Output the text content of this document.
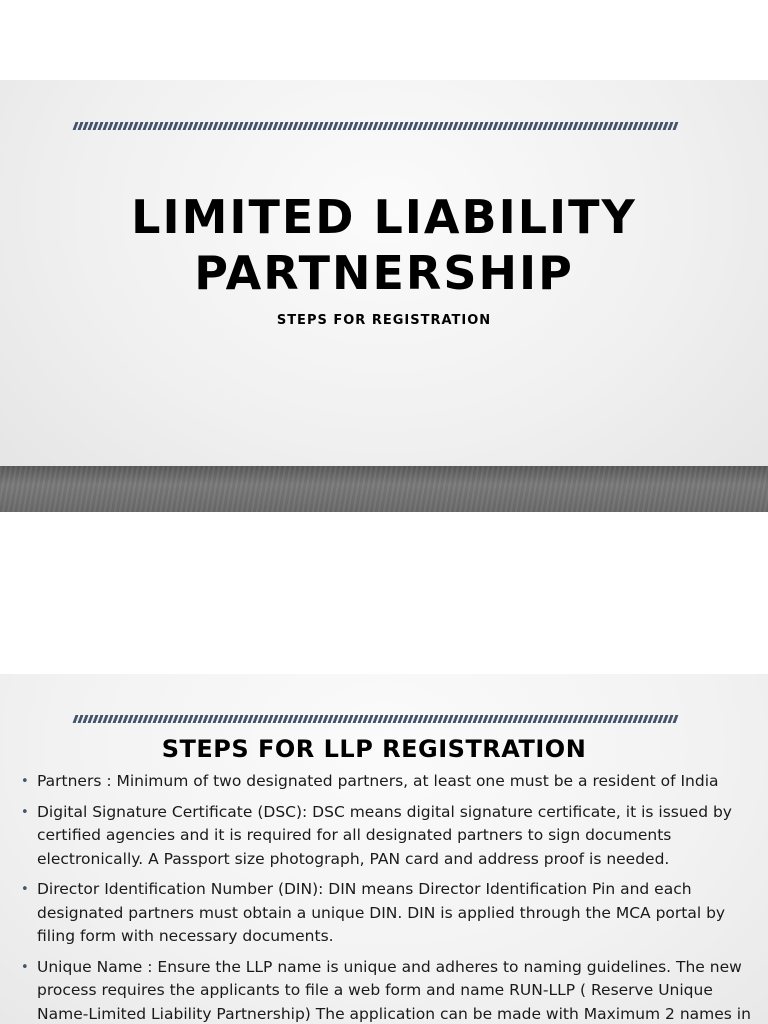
LIMITED LIABILITY
PARTNERSHIP
STEPS FOR REGISTRATION
STEPS FOR LLP REGISTRATION
• Partners : Minimum of two designated partners, at least one must be a resident of India
• Digital Signature Certificate (DSC): DSC means digital signature certificate, it is issued by certified agencies and it is required for all designated partners to sign documents electronically. A Passport size photograph, PAN card and address proof is needed.
• Director Identification Number (DIN): DIN means Director Identification Pin and each designated partners must obtain a unique DIN. DIN is applied through the MCA portal by filing form with necessary documents.
• Unique Name : Ensure the LLP name is unique and adheres to naming guidelines. The new process requires the applicants to file a web form and name RUN-LLP ( Reserve Unique Name-Limited Liability Partnership) The application can be made with Maximum 2 names in
